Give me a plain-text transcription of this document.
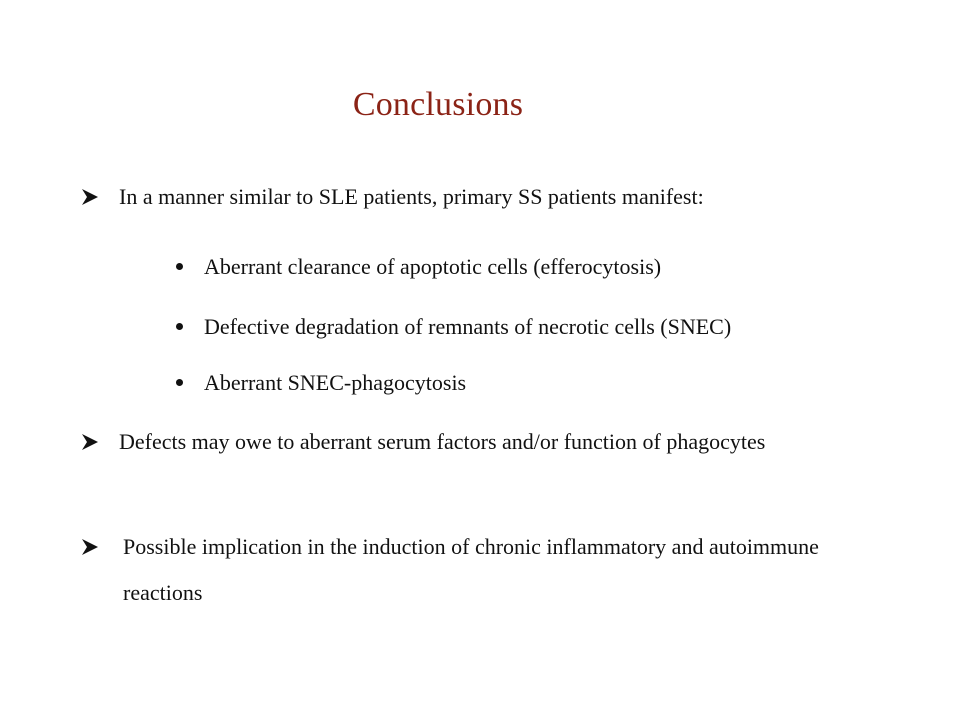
Conclusions
In a manner similar to SLE patients, primary SS patients manifest:
Aberrant clearance of apoptotic cells (efferocytosis)
Defective degradation of remnants of necrotic cells (SNEC)
Aberrant SNEC-phagocytosis
Defects may owe to aberrant serum factors and/or function of phagocytes
Possible implication in the induction of chronic inflammatory and autoimmune reactions
